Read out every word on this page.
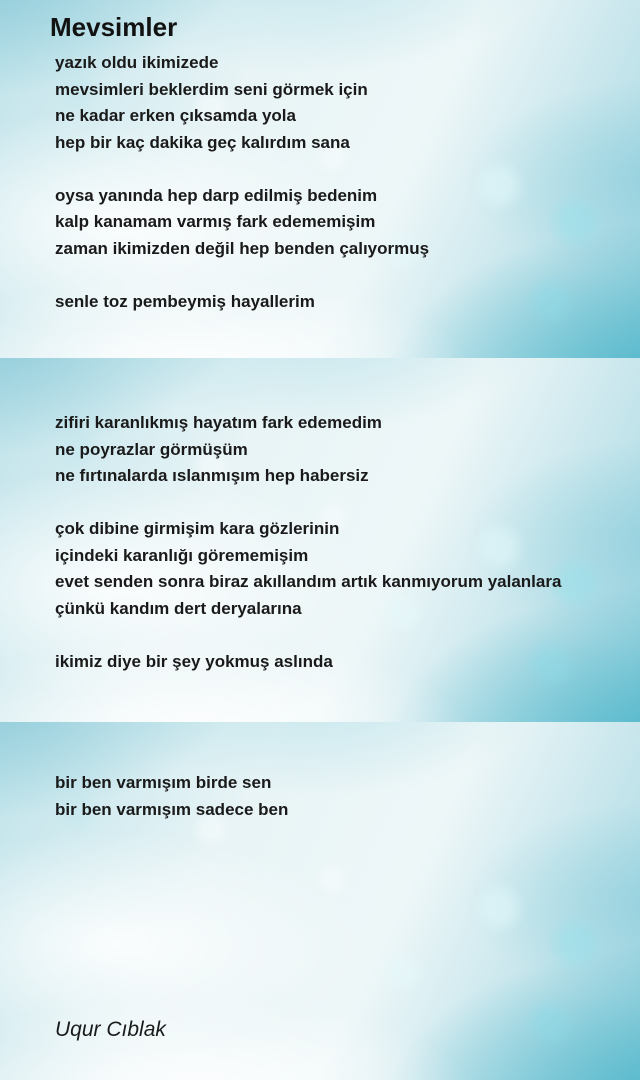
Mevsimler
yazık oldu ikimizede
mevsimleri beklerdim seni görmek için
ne kadar erken çıksamda yola
hep bir kaç dakika geç kalırdım sana

oysa yanında hep darp edilmiş bedenim
kalp kanamam varmış fark edememişim
zaman ikimizden değil hep benden çalıyormuş

senle toz pembeymiş hayallerim
zifiri karanlıkmış hayatım fark edemedim
ne poyrazlar görmüşüm
ne fırtınalarda ıslanmışım hep habersiz

çok dibine girmişim kara gözlerinin
içindeki karanlığı görememişim
evet senden sonra biraz akıllandım artık kanmıyorum yalanlara
çünkü kandım dert deryalarına

ikimiz diye bir şey yokmuş aslında
bir ben varmışım birde sen
bir ben varmışım sadece ben
Uqur Cıblak
